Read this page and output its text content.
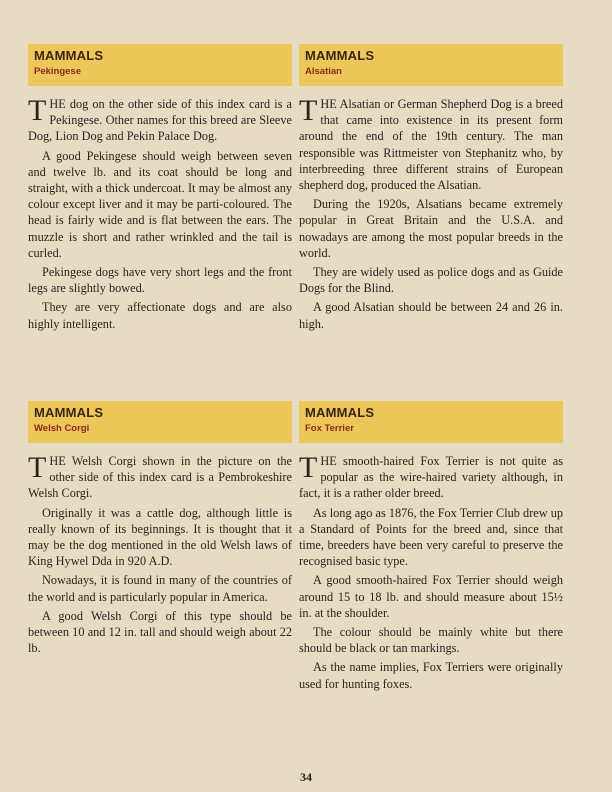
MAMMALS
Pekingese

THE dog on the other side of this index card is a Pekingese. Other names for this breed are Sleeve Dog, Lion Dog and Pekin Palace Dog.

A good Pekingese should weigh between seven and twelve lb. and its coat should be long and straight, with a thick undercoat. It may be almost any colour except liver and it may be parti-coloured. The head is fairly wide and is flat between the ears. The muzzle is short and rather wrinkled and the tail is curled.

Pekingese dogs have very short legs and the front legs are slightly bowed.

They are very affectionate dogs and are also highly intelligent.

MAMMALS
Alsatian

THE Alsatian or German Shepherd Dog is a breed that came into existence in its present form around the end of the 19th century. The man responsible was Rittmeister von Stephanitz who, by interbreeding three different strains of European shepherd dog, produced the Alsatian.

During the 1920s, Alsatians became extremely popular in Great Britain and the U.S.A. and nowadays are among the most popular breeds in the world.

They are widely used as police dogs and as Guide Dogs for the Blind.

A good Alsatian should be between 24 and 26 in. high.

MAMMALS
Welsh Corgi

THE Welsh Corgi shown in the picture on the other side of this index card is a Pembrokeshire Welsh Corgi.

Originally it was a cattle dog, although little is really known of its beginnings. It is thought that it may be the dog mentioned in the old Welsh laws of King Hywel Dda in 920 A.D.

Nowadays, it is found in many of the countries of the world and is particularly popular in America.

A good Welsh Corgi of this type should be between 10 and 12 in. tall and should weigh about 22 lb.

MAMMALS
Fox Terrier

THE smooth-haired Fox Terrier is not quite as popular as the wire-haired variety although, in fact, it is a rather older breed.

As long ago as 1876, the Fox Terrier Club drew up a Standard of Points for the breed and, since that time, breeders have been very careful to preserve the recognised basic type.

A good smooth-haired Fox Terrier should weigh around 15 to 18 lb. and should measure about 15½ in. at the shoulder.

The colour should be mainly white but there should be black or tan markings.

As the name implies, Fox Terriers were originally used for hunting foxes.

34
